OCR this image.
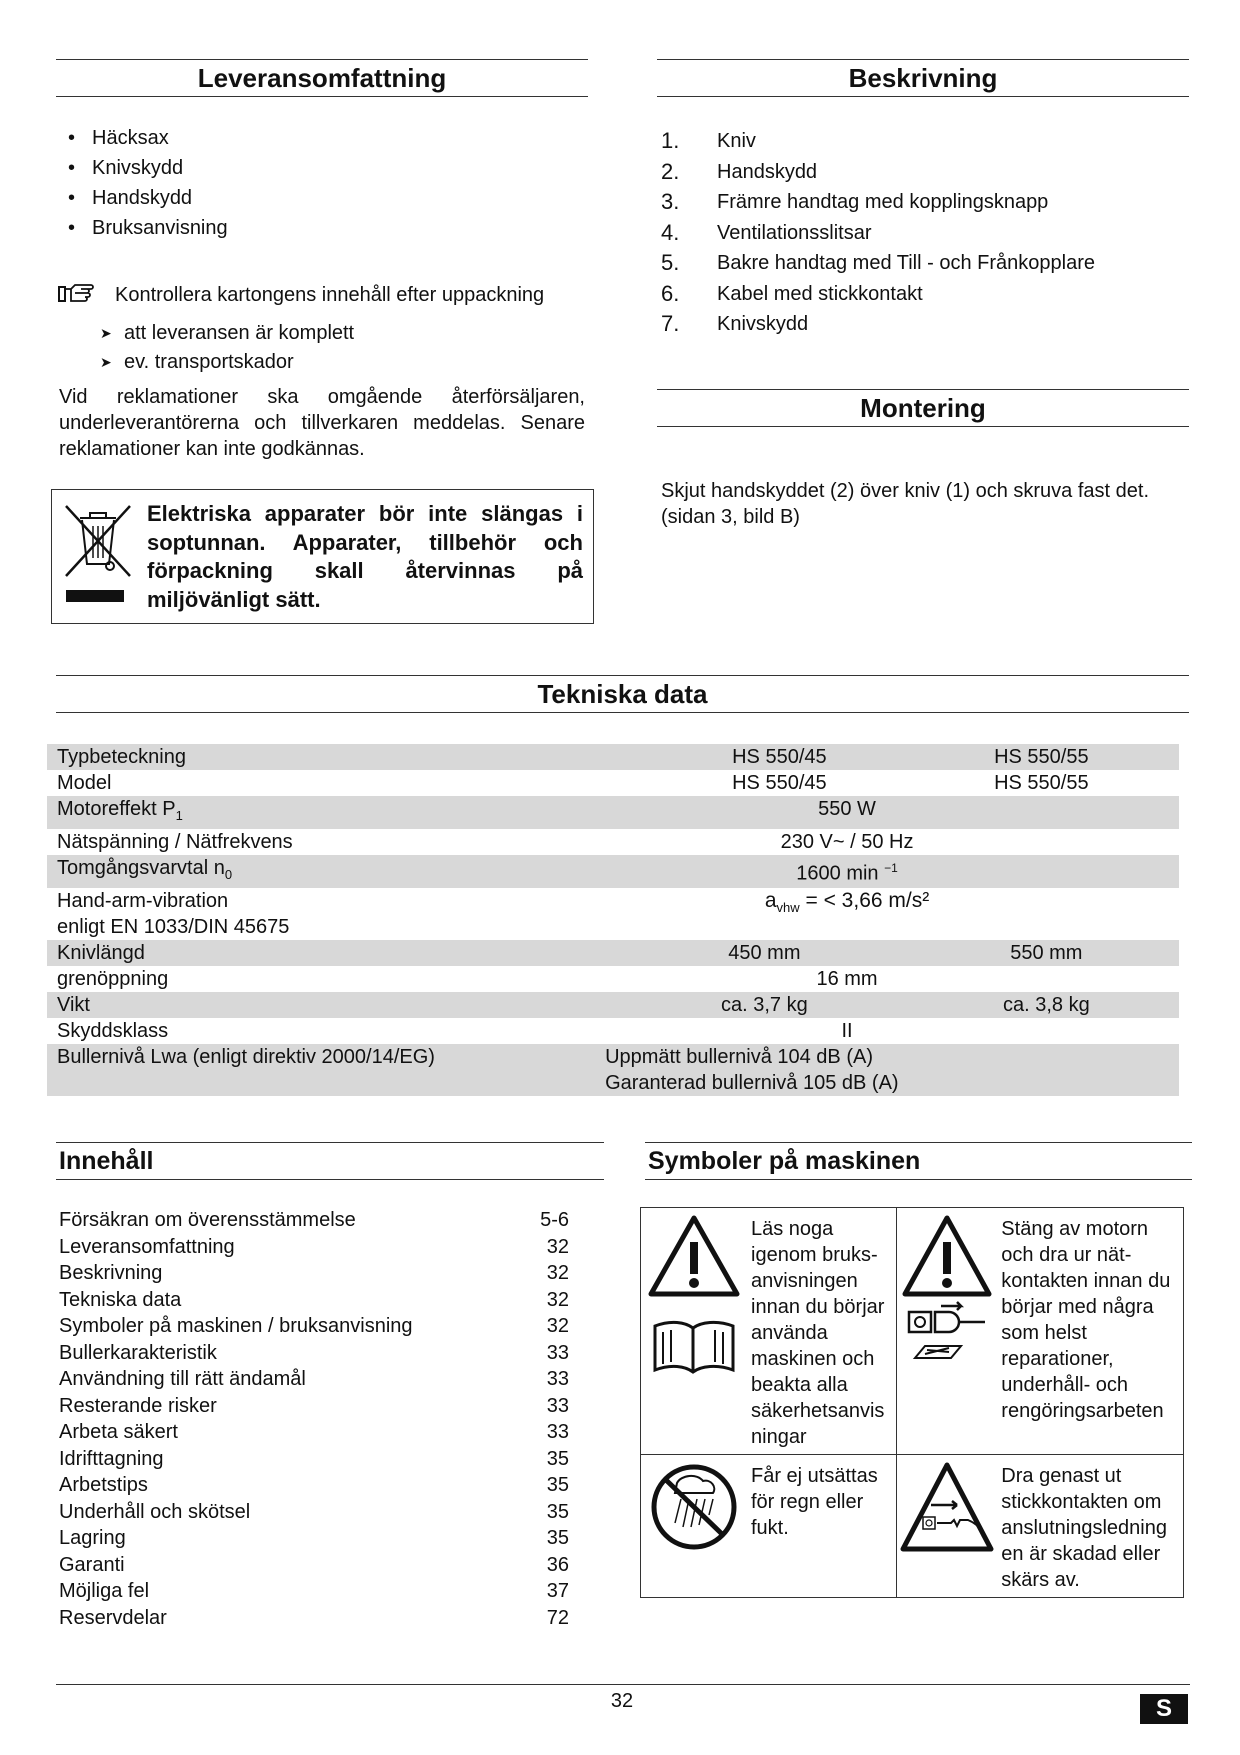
Leveransomfattning
• Häcksax
• Knivskydd
• Handskydd
• Bruksanvisning
Kontrollera kartongens innehåll efter uppackning
➤ att leveransen är komplett
➤ ev. transportskador
Vid reklamationer ska omgående återförsäljaren, underleverantörerna och tillverkaren meddelas. Senare reklamationer kan inte godkännas.
Elektriska apparater bör inte slängas i soptunnan. Apparater, tillbehör och förpackning skall återvinnas på miljövänligt sätt.
Beskrivning
1. Kniv
2. Handskydd
3. Främre handtag med kopplingsknapp
4. Ventilationsslitsar
5. Bakre handtag med Till - och Frånkopplare
6. Kabel med stickkontakt
7. Knivskydd
Montering
Skjut handskyddet (2) över kniv (1) och skruva fast det. (sidan 3, bild B)
Tekniska data
Typbeteckning		HS 550/45	HS 550/55
Model		HS 550/45	HS 550/55
Motoreffekt $P_1$		550 W	
Nätspänning / Nätfrekvens		230 V~ / 50 Hz	
Tomgångsvarvtal $n_0$		1600 min $^{-1}$
Hand-arm-vibration
enligt EN 1033/DIN 45675		$a_{vhw}$ = < 3,66 m/s²	
Knivlängd		450 mm	550 mm
grenöppning		16 mm	
Vikt		ca. 3,7 kg	ca. 3,8 kg
Skyddsklass		II	
Bullernivå Lwa (enligt direktiv 2000/14/EG)	Uppmätt bullernivå 104 dB (A)
Garanterad bullernivå 105 dB (A)		
Innehåll
Försäkran om överensstämmelse	5-6
Leveransomfattning	32
Beskrivning	32
Tekniska data	32
Symboler på maskinen / bruksanvisning	32
Bullerkarakteristik	33
Användning till rätt ändamål	33
Resterande risker	33
Arbeta säkert	33
Idrifttagning	35
Arbetstips	35
Underhåll och skötsel	35
Lagring	35
Garanti	36
Möjliga fel	37
Reservdelar	72
Symboler på maskinen
Läs noga igenom bruks-anvisningen innan du börjar använda maskinen och beakta alla säkerhetsanvis ningar	Stäng av motorn och dra ur nät-kontakten innan du börjar med några som helst reparationer, underhåll- och rengöringsarbeten

Får ej utsättas för regn eller fukt.	Dra genast ut stickkontakten om anslutningsledning en är skadad eller skärs av.
32	S
